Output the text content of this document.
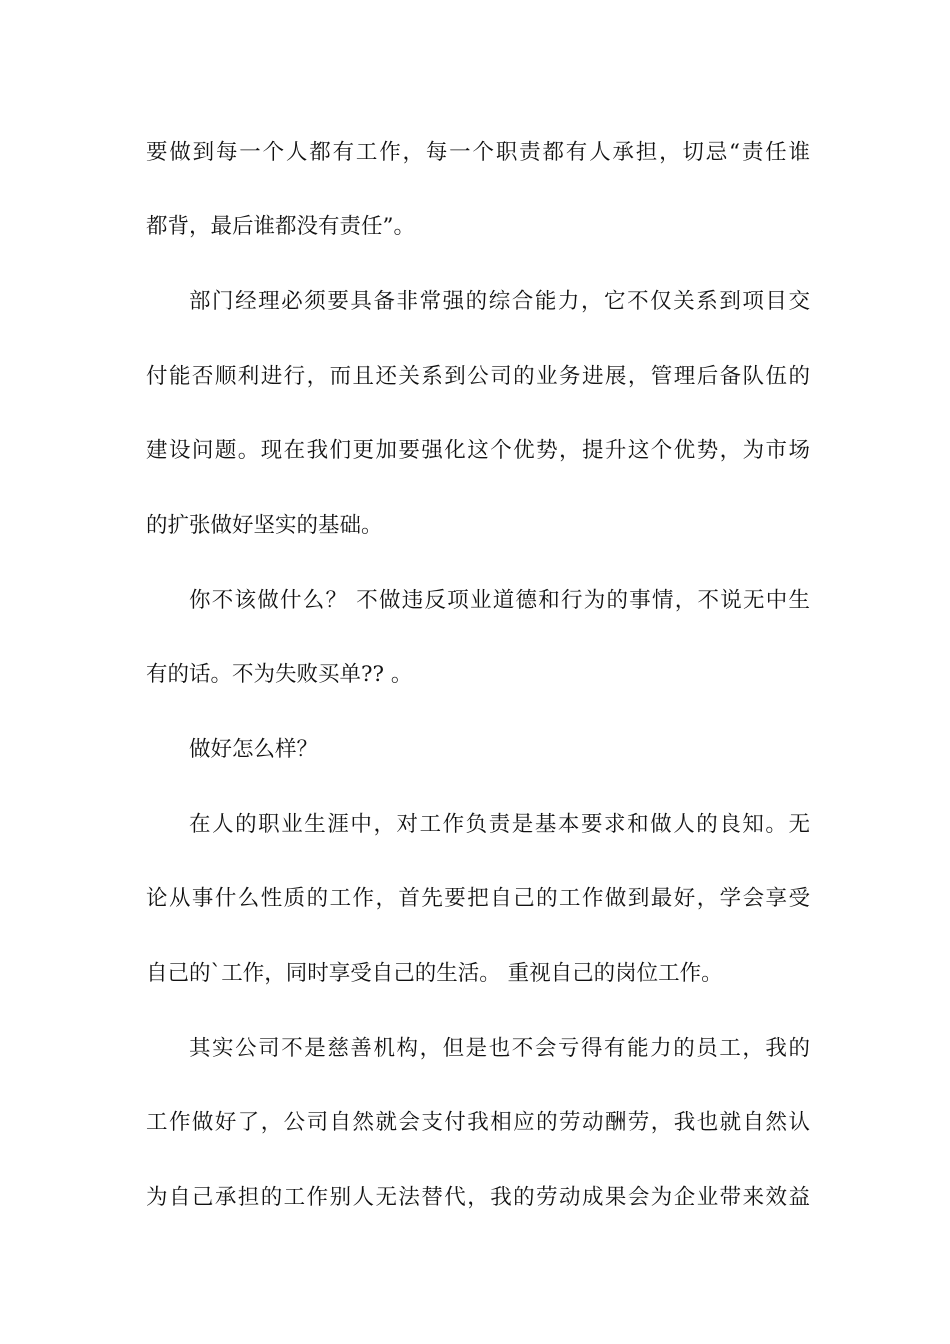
要做到每一个人都有工作，每一个职责都有人承担，切忌“责任谁

都背，最后谁都没有责任”。

部门经理必须要具备非常强的综合能力，它不仅关系到项目交

付能否顺利进行，而且还关系到公司的业务进展，管理后备队伍的

建设问题。现在我们更加要强化这个优势，提升这个优势，为市场

的扩张做好坚实的基础。

你不该做什么？ 不做违反项业道德和行为的事情，不说无中生

有的话。不为失败买单?? 。

做好怎么样？

在人的职业生涯中，对工作负责是基本要求和做人的良知。无

论从事什么性质的工作，首先要把自己的工作做到最好，学会享受

自己的`工作，同时享受自己的生活。 重视自己的岗位工作。

其实公司不是慈善机构，但是也不会亏得有能力的员工，我的

工作做好了，公司自然就会支付我相应的劳动酬劳，我也就自然认

为自己承担的工作别人无法替代，我的劳动成果会为企业带来效益
